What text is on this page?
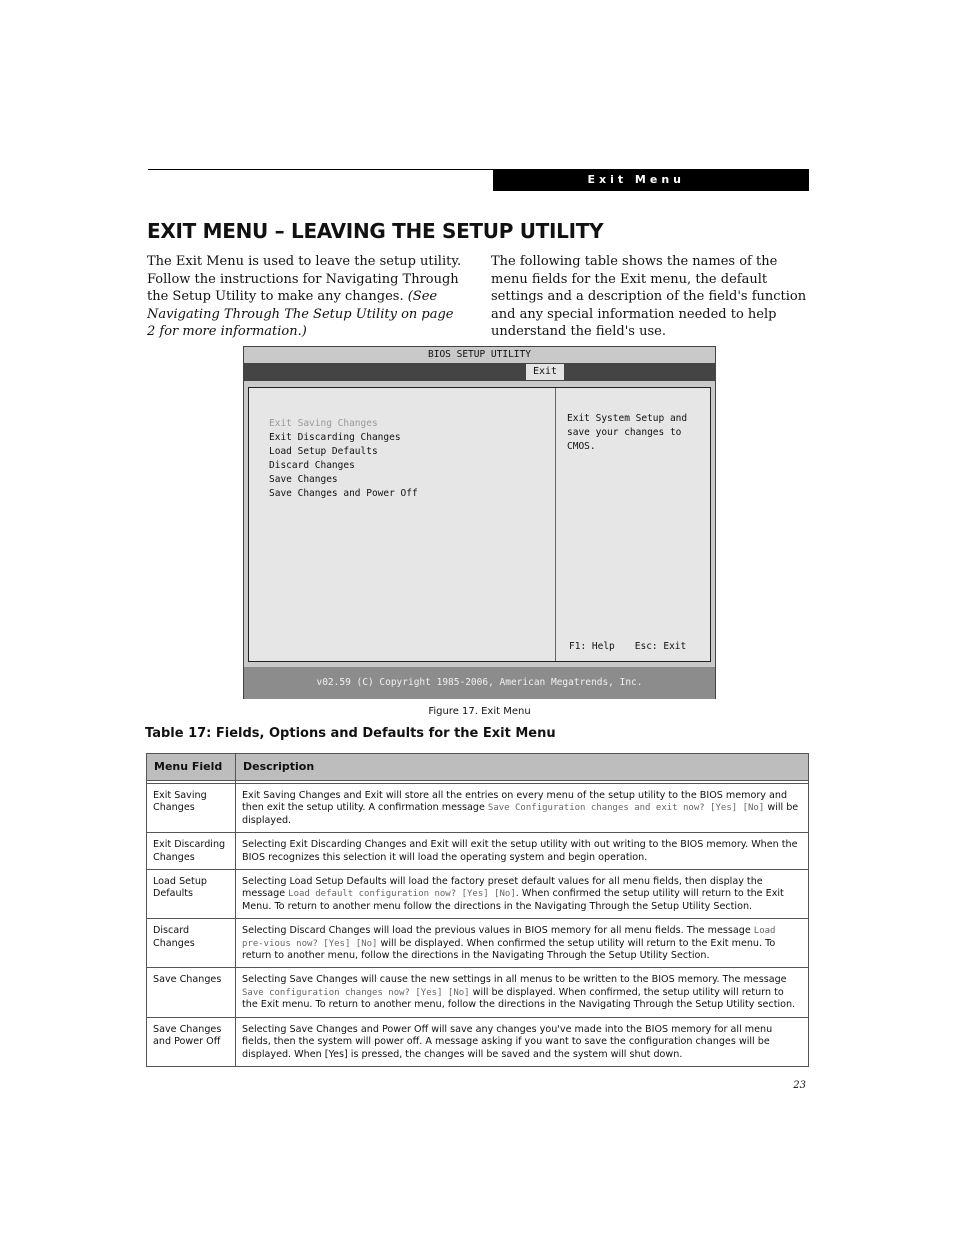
Exit Menu
EXIT MENU – LEAVING THE SETUP UTILITY

The Exit Menu is used to leave the setup utility. Follow the instructions for Navigating Through the Setup Utility to make any changes. (See Navigating Through The Setup Utility on page 2 for more information.)

The following table shows the names of the menu fields for the Exit menu, the default settings and a description of the field's function and any special information needed to help understand the field's use.

BIOS SETUP UTILITY
Exit
Exit Saving Changes
Exit Discarding Changes
Load Setup Defaults
Discard Changes
Save Changes
Save Changes and Power Off

Exit System Setup and
save your changes to
CMOS.

F1: Help Esc: Exit
v02.59 (C) Copyright 1985-2006, American Megatrends, Inc.
Figure 17. Exit Menu
Table 17: Fields, Options and Defaults for the Exit Menu
Menu Field	Description

Exit Saving Changes	Exit Saving Changes and Exit will store all the entries on every menu of the setup utility to the BIOS memory and then exit the setup utility. A confirmation message Save Configuration changes and exit now? [Yes] [No] will be displayed.
Exit Discarding Changes	Selecting Exit Discarding Changes and Exit will exit the setup utility with out writing to the BIOS memory. When the BIOS recognizes this selection it will load the operating system and begin operation.
Load Setup Defaults	Selecting Load Setup Defaults will load the factory preset default values for all menu fields, then display the message Load default configuration now? [Yes] [No]. When confirmed the setup utility will return to the Exit Menu. To return to another menu follow the directions in the Navigating Through the Setup Utility Section.
Discard Changes	Selecting Discard Changes will load the previous values in BIOS memory for all menu fields. The message Load pre-vious now? [Yes] [No] will be displayed. When confirmed the setup utility will return to the Exit menu. To return to another menu, follow the directions in the Navigating Through the Setup Utility Section.
Save Changes	Selecting Save Changes will cause the new settings in all menus to be written to the BIOS memory. The message Save configuration changes now? [Yes] [No] will be displayed. When confirmed, the setup utility will return to the Exit menu. To return to another menu, follow the directions in the Navigating Through the Setup Utility section.
Save Changes and Power Off	Selecting Save Changes and Power Off will save any changes you've made into the BIOS memory for all menu fields, then the system will power off. A message asking if you want to save the configuration changes will be displayed. When [Yes] is pressed, the changes will be saved and the system will shut down.
23
